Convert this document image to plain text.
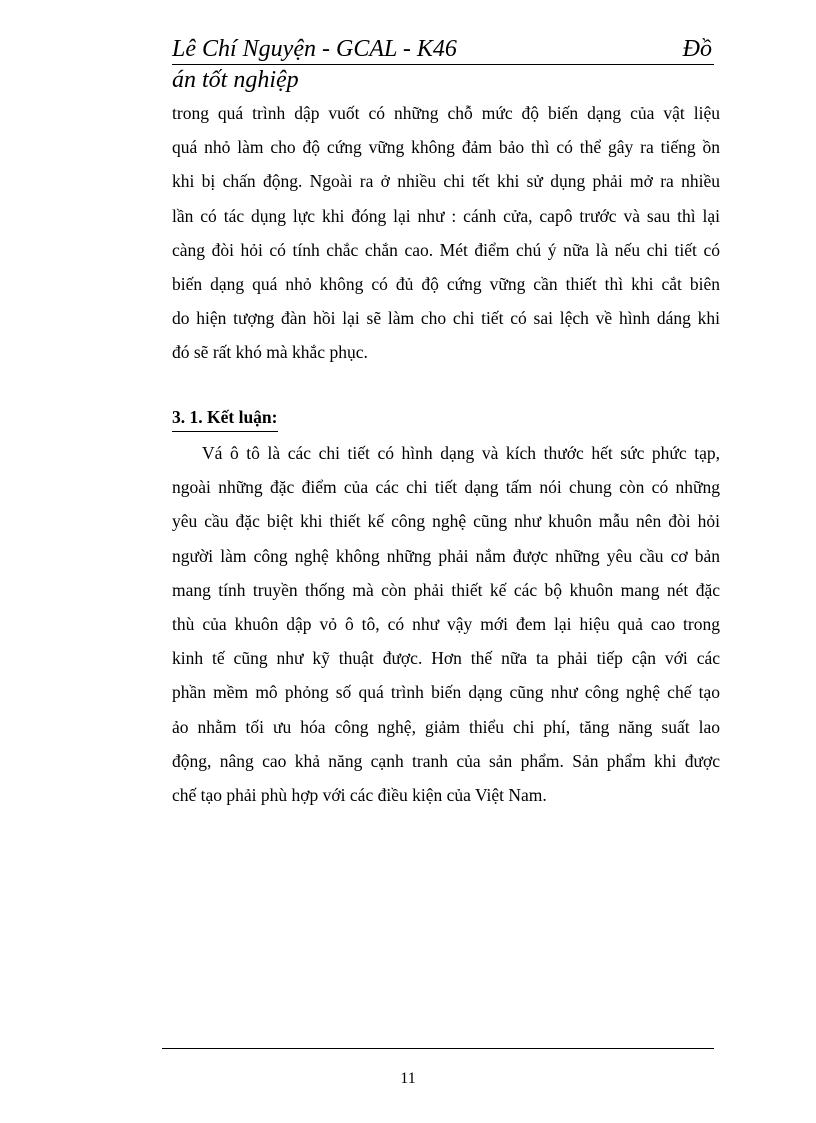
Lê Chí Nguyện - GCAL - K46	Đồ
án tốt nghiệp
trong quá trình dập vuốt có những chỗ mức độ biến dạng của vật liệu
quá nhỏ làm cho độ cứng vững không đảm bảo thì có thể gây ra tiếng ồn
khi bị chấn động. Ngoài ra ở nhiều chi tết khi sử dụng phải mở ra nhiều
lần có tác dụng lực khi đóng lại như : cánh cửa, capô trước và sau thì lại
càng đòi hỏi có tính chắc chắn cao. Mét điểm chú ý nữa là nếu chi tiết có
biến dạng quá nhỏ không có đủ độ cứng vững cần thiết thì khi cắt biên
do hiện tượng đàn hồi lại sẽ làm cho chi tiết có sai lệch về hình dáng khi
đó sẽ rất khó mà khắc phục.
3. 1. Kết luận:
Vá ô tô là các chi tiết có hình dạng và kích thước hết sức phức tạp,
ngoài những đặc điểm của các chi tiết dạng tấm nói chung còn có những
yêu cầu đặc biệt khi thiết kế công nghệ cũng như khuôn mẫu nên đòi hỏi
người làm công nghệ không những phải nắm được những yêu cầu cơ bản
mang tính truyền thống mà còn phải thiết kế các bộ khuôn mang nét đặc
thù của khuôn dập vỏ ô tô, có như vậy mới đem lại hiệu quả cao trong
kinh tế cũng như kỹ thuật được. Hơn thế nữa ta phải tiếp cận với các
phần mềm mô phỏng số quá trình biến dạng cũng như công nghệ chế tạo
ảo nhằm tối ưu hóa công nghệ, giảm thiểu chi phí, tăng năng suất lao
động, nâng cao khả năng cạnh tranh của sản phẩm. Sản phẩm khi được
chế tạo phải phù hợp với các điều kiện của Việt Nam.
11
